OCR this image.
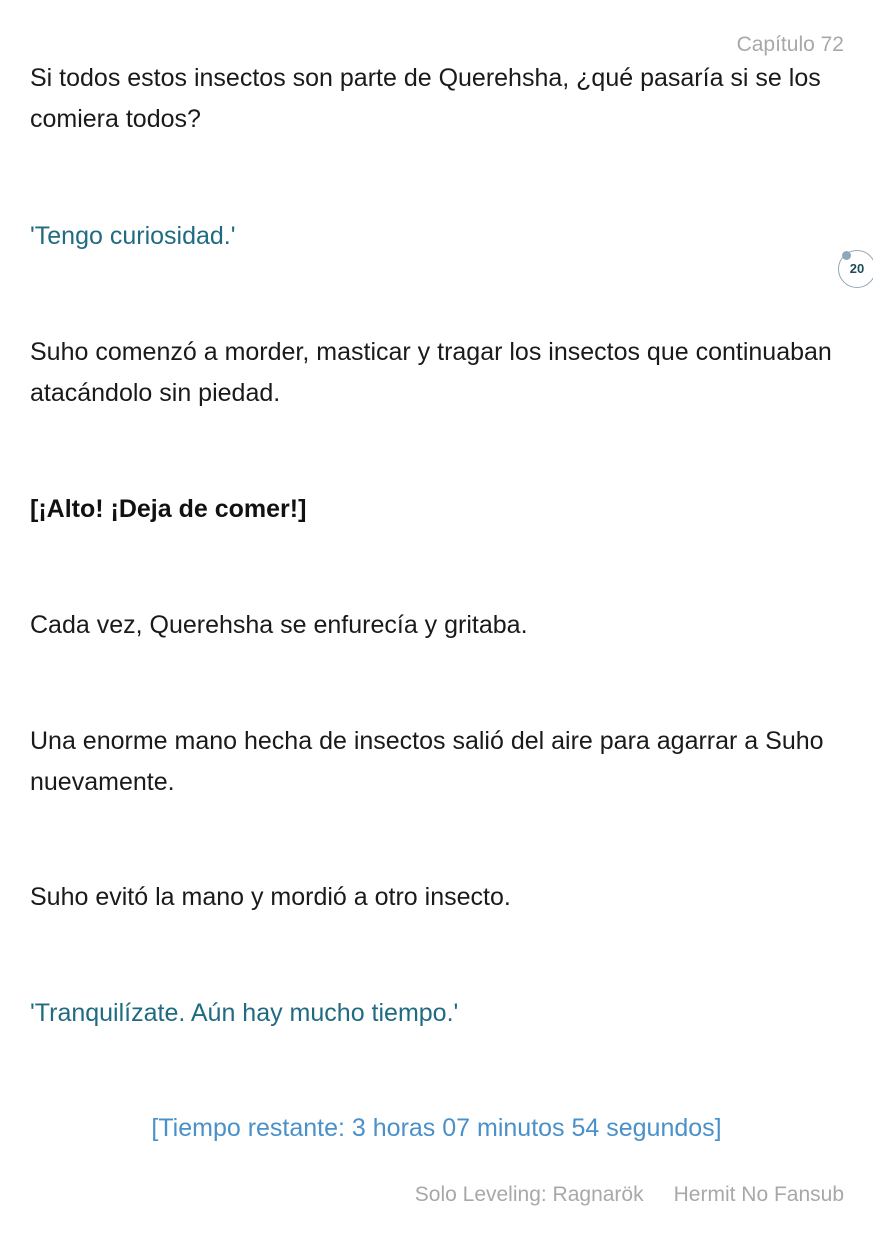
Capítulo 72

Si todos estos insectos son parte de Querehsha, ¿qué pasaría si se los comiera todos?

'Tengo curiosidad.'

Suho comenzó a morder, masticar y tragar los insectos que continuaban atacándolo sin piedad.

[¡Alto! ¡Deja de comer!]

Cada vez, Querehsha se enfurecía y gritaba.

Una enorme mano hecha de insectos salió del aire para agarrar a Suho nuevamente.

Suho evitó la mano y mordió a otro insecto.

'Tranquilízate. Aún hay mucho tiempo.'

[Tiempo restante: 3 horas 07 minutos 54 segundos]
20
Solo Leveling: Ragnarök Hermit No Fansub
